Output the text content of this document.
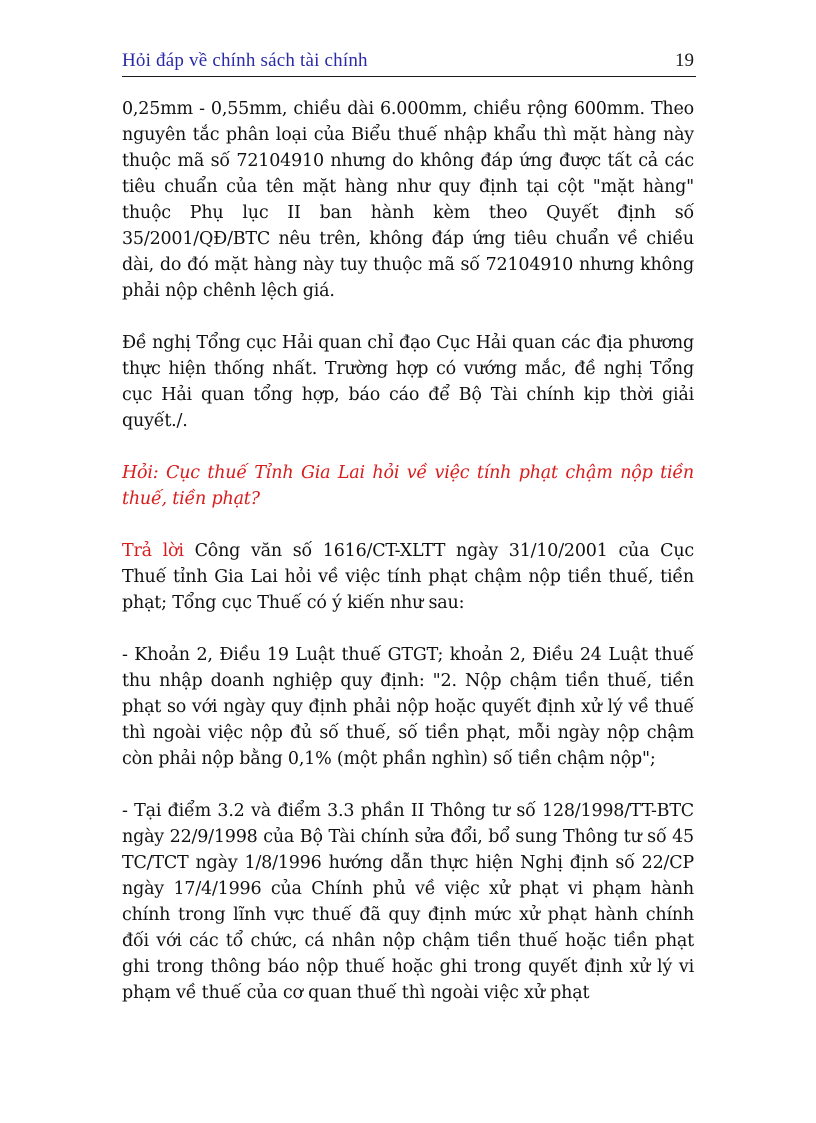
Hỏi đáp về chính sách tài chính	19

0,25mm - 0,55mm, chiều dài 6.000mm, chiều rộng 600mm. Theo nguyên tắc phân loại của Biểu thuế nhập khẩu thì mặt hàng này thuộc mã số 72104910 nhưng do không đáp ứng được tất cả các tiêu chuẩn của tên mặt hàng như quy định tại cột "mặt hàng" thuộc Phụ lục II ban hành kèm theo Quyết định số 35/2001/QĐ/BTC nêu trên, không đáp ứng tiêu chuẩn về chiều dài, do đó mặt hàng này tuy thuộc mã số 72104910 nhưng không phải nộp chênh lệch giá.

Đề nghị Tổng cục Hải quan chỉ đạo Cục Hải quan các địa phương thực hiện thống nhất. Trường hợp có vướng mắc, đề nghị Tổng cục Hải quan tổng hợp, báo cáo để Bộ Tài chính kịp thời giải quyết./.

Hỏi: Cục thuế Tỉnh Gia Lai hỏi về việc tính phạt chậm nộp tiền thuế, tiền phạt?

Trả lời Công văn số 1616/CT-XLTT ngày 31/10/2001 của Cục Thuế tỉnh Gia Lai hỏi về việc tính phạt chậm nộp tiền thuế, tiền phạt; Tổng cục Thuế có ý kiến như sau:

- Khoản 2, Điều 19 Luật thuế GTGT; khoản 2, Điều 24 Luật thuế thu nhập doanh nghiệp quy định: "2. Nộp chậm tiền thuế, tiền phạt so với ngày quy định phải nộp hoặc quyết định xử lý về thuế thì ngoài việc nộp đủ số thuế, số tiền phạt, mỗi ngày nộp chậm còn phải nộp bằng 0,1% (một phần nghìn) số tiền chậm nộp";

- Tại điểm 3.2 và điểm 3.3 phần II Thông tư số 128/1998/TT-BTC ngày 22/9/1998 của Bộ Tài chính sửa đổi, bổ sung Thông tư số 45 TC/TCT ngày 1/8/1996 hướng dẫn thực hiện Nghị định số 22/CP ngày 17/4/1996 của Chính phủ về việc xử phạt vi phạm hành chính trong lĩnh vực thuế đã quy định mức xử phạt hành chính đối với các tổ chức, cá nhân nộp chậm tiền thuế hoặc tiền phạt ghi trong thông báo nộp thuế hoặc ghi trong quyết định xử lý vi phạm về thuế của cơ quan thuế thì ngoài việc xử phạt
